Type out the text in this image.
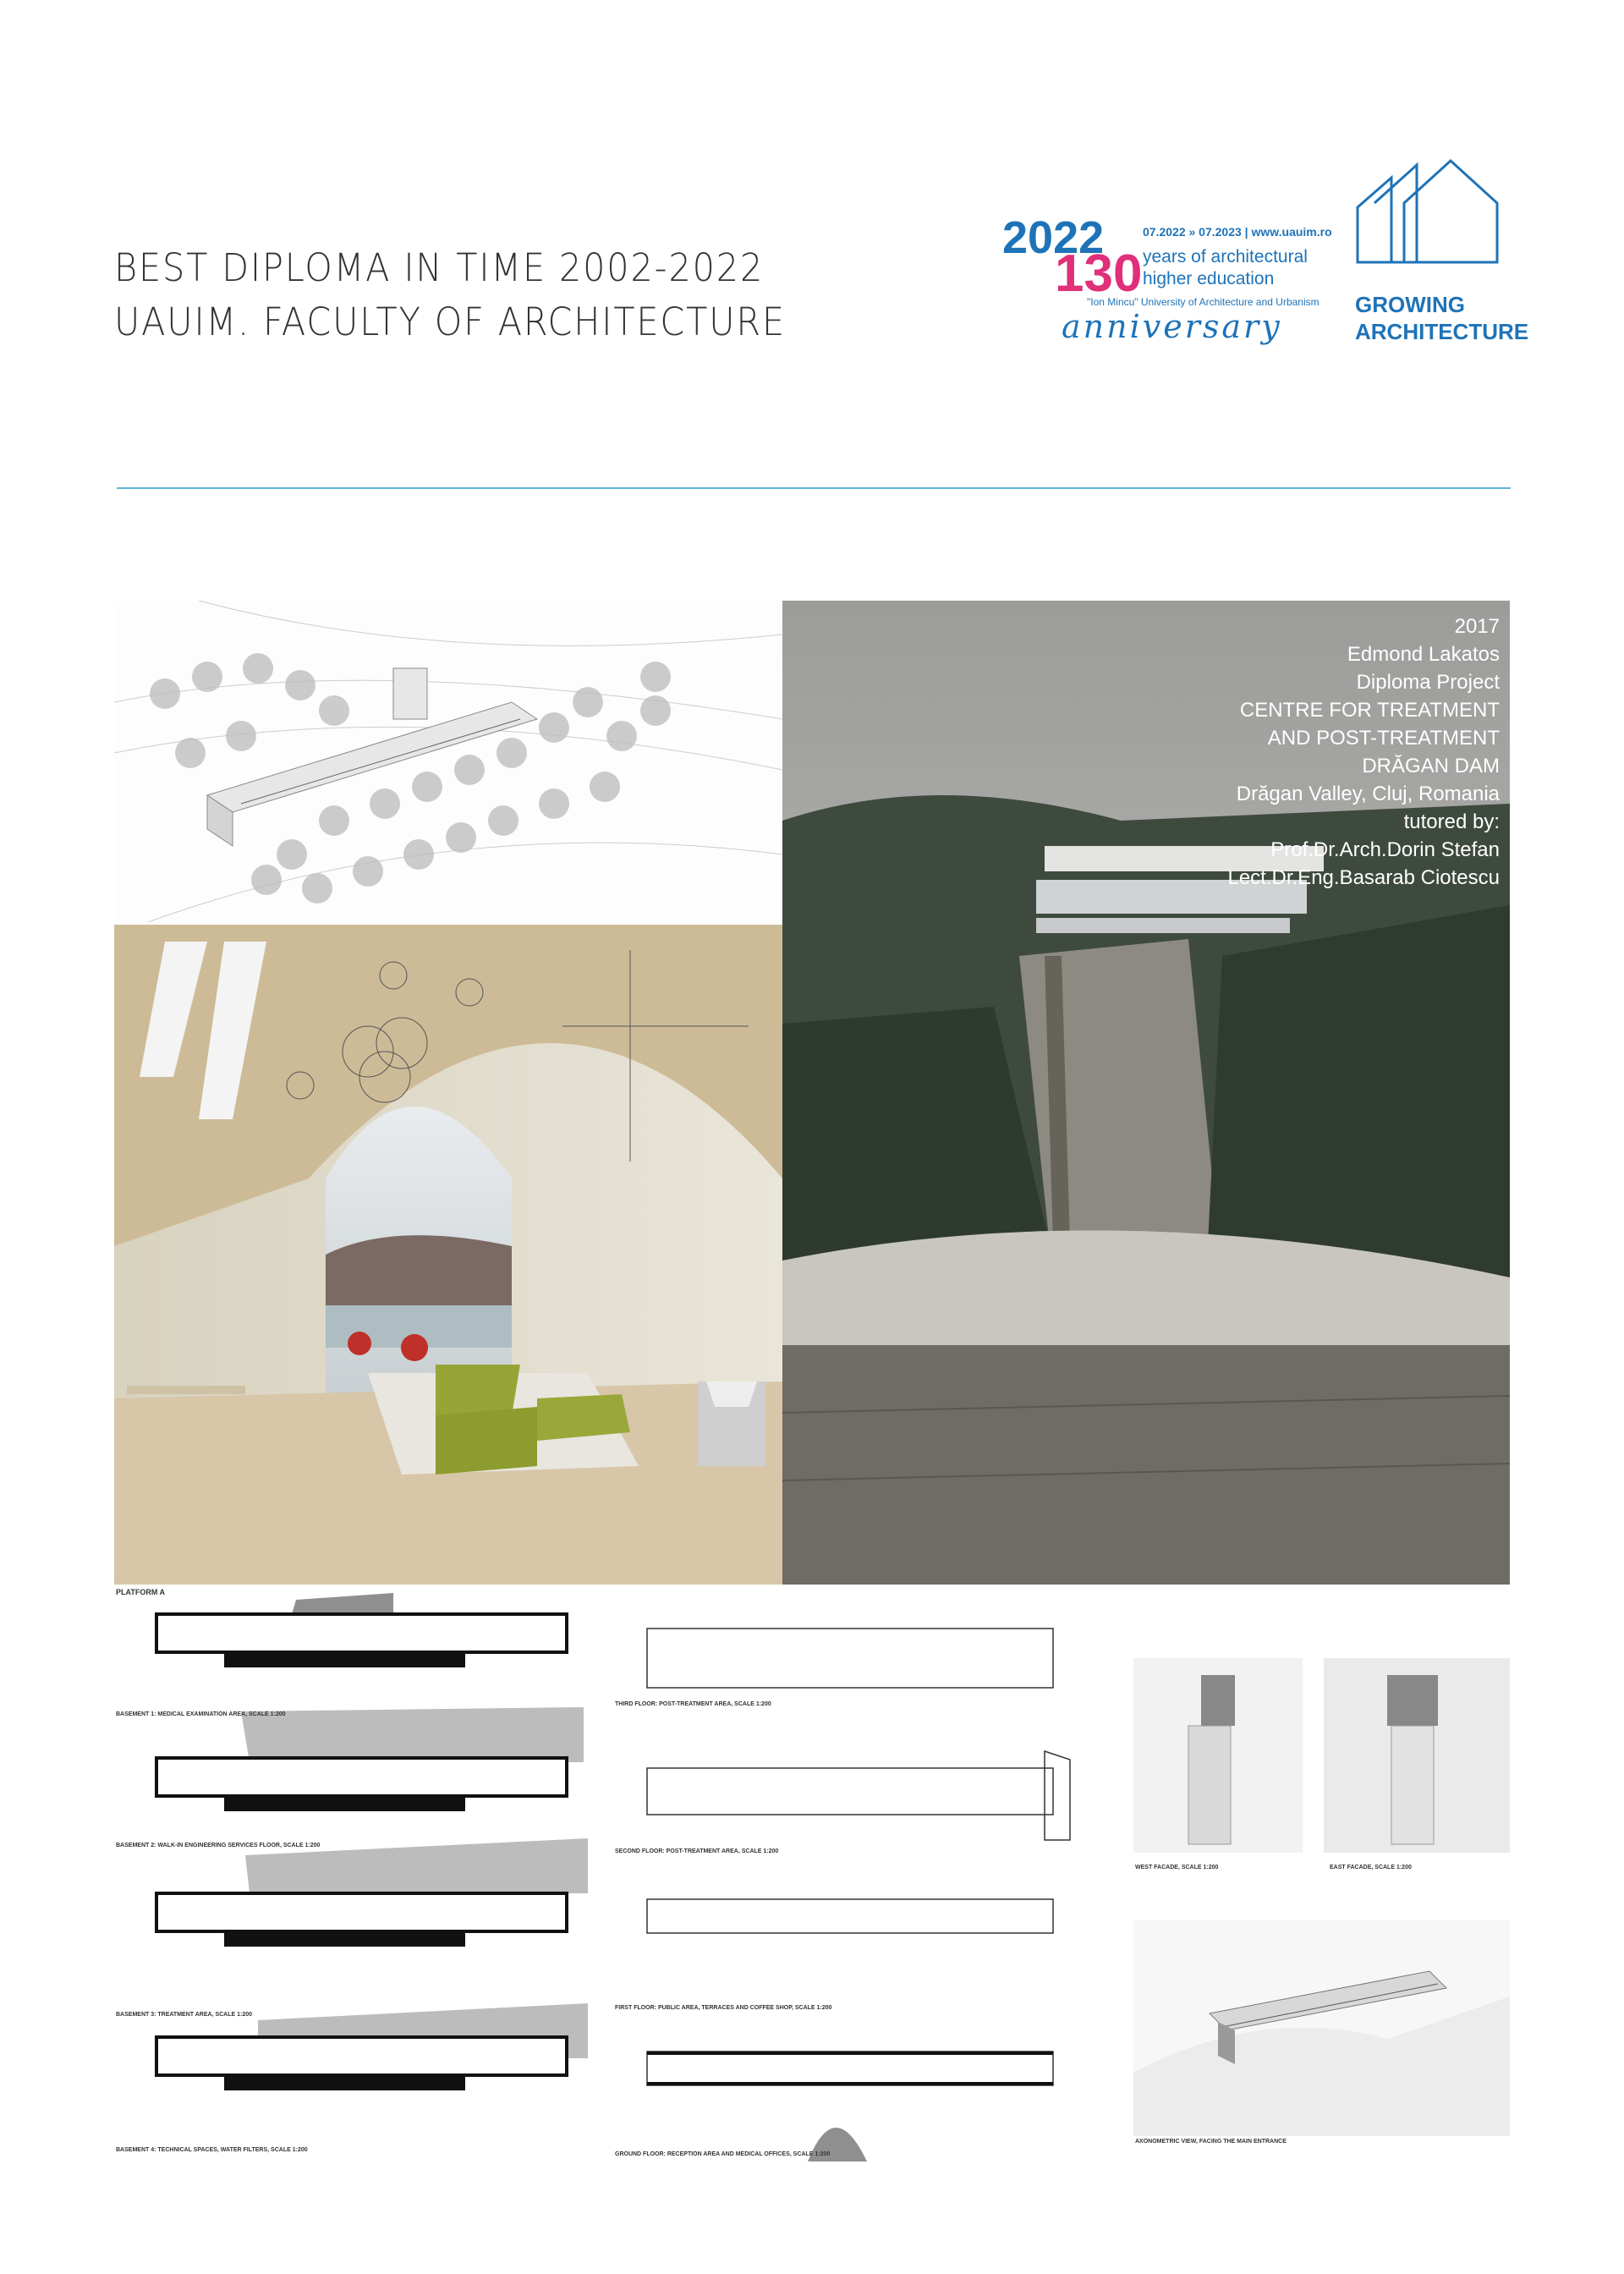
BEST DIPLOMA IN TIME 2002-2022
UAUIM. FACULTY OF ARCHITECTURE
2022
130
07.2022 » 07.2023 | www.uauim.ro
years of architectural
higher education
"Ion Mincu" University of Architecture and Urbanism
anniversary
GROWING
ARCHITECTURE
2017
Edmond Lakatos
Diploma Project
CENTRE FOR TREATMENT
AND POST-TREATMENT
DRĂGAN DAM
Drăgan Valley, Cluj, Romania
tutored by:
Prof.Dr.Arch.Dorin Stefan
Lect.Dr.Eng.Basarab Ciotescu
PLATFORM A
BASEMENT 1: MEDICAL EXAMINATION AREA, SCALE 1:200
BASEMENT 2: WALK-IN ENGINEERING SERVICES FLOOR, SCALE 1:200
BASEMENT 3: TREATMENT AREA, SCALE 1:200
BASEMENT 4: TECHNICAL SPACES, WATER FILTERS, SCALE 1:200
THIRD FLOOR: POST-TREATMENT AREA, SCALE 1:200
SECOND FLOOR: POST-TREATMENT AREA, SCALE 1:200
FIRST FLOOR: PUBLIC AREA, TERRACES AND COFFEE SHOP, SCALE 1:200
GROUND FLOOR: RECEPTION AREA AND MEDICAL OFFICES, SCALE 1:200
WEST FACADE, SCALE 1:200	EAST FACADE, SCALE 1:200
AXONOMETRIC VIEW, FACING THE MAIN ENTRANCE
